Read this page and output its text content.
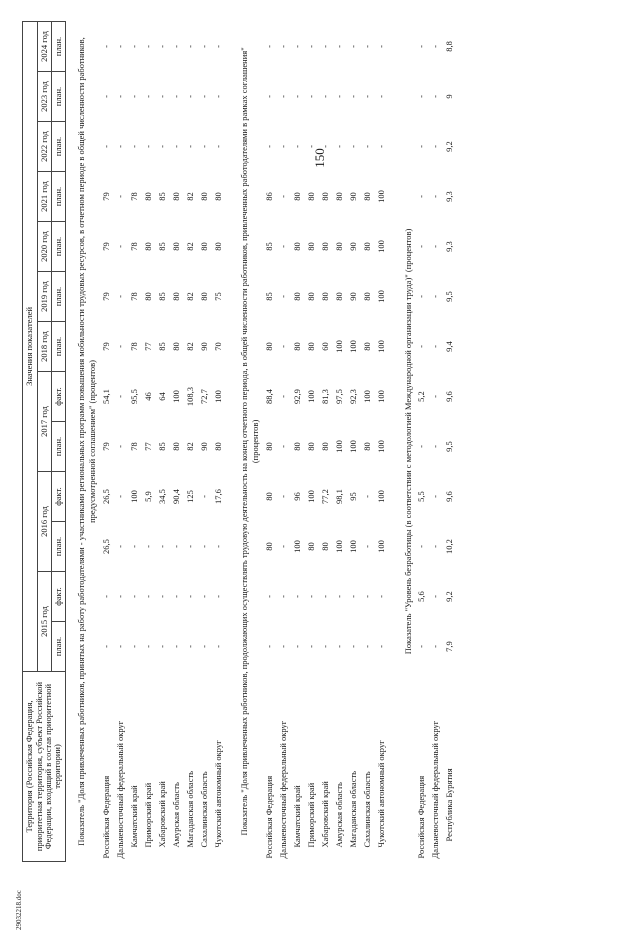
150
29032218.doc
Территория (Российская Федерация, приоритетная территория, субъект Российской Федерации, входящий в состав приоритетной территории)	Значения показателей												
	2015 год		2016 год		2017 год		2018 год	2019 год	2020 год	2021 год	2022 год	2023 год	2024 год
	план.	факт.	план.	факт.	план.	факт.	план.	план.	план.	план.	план.	план.	план.
Показатель "Доля привлеченных работников, принятых на работу работодателями - участниками региональных программ повышения мобильности трудовых ресурсов, в отчетном периоде в общей численности работников, предусмотренной соглашением" (процентов)													
Российская Федерация	-	-	26,5	26,5	79	54,1	79	79	79	79	-	-	-
Дальневосточный федеральный округ	-	-	-	-	-	-	-	-	-	-	-	-	-
Камчатский край	-	-	-	100	78	95,5	78	78	78	78	-	-	-
Приморский край	-	-	-	5,9	77	46	77	80	80	80	-	-	-
Хабаровский край	-	-	-	34,5	85	64	85	85	85	85	-	-	-
Амурская область	-	-	-	90,4	80	100	80	80	80	80	-	-	-
Магаданская область	-	-	-	125	82	108,3	82	82	82	82	-	-	-
Сахалинская область	-	-	-	-	90	72,7	90	80	80	80	-	-	-
Чукотский автономный округ	-	-	-	17,6	80	100	70	75	80	80	-	-	-

Показатель "Доля привлеченных работников, продолжающих осуществлять трудовую деятельность на конец отчетного периода, в общей численности работников, привлеченных работодателями в рамках соглашения" (процентов)													
Российская Федерация	-	-	80	80	80	88,4	80	85	85	86	-	-	-
Дальневосточный федеральный округ	-	-	-	-	-	-	-	-	-	-	-	-	-
Камчатский край	-	-	100	96	80	92,9	80	80	80	80	-	-	-
Приморский край	-	-	80	100	80	100	80	80	80	80	-	-	-
Хабаровский край	-	-	80	77,2	80	81,3	60	80	80	80	-	-	-
Амурская область	-	-	100	98,1	100	97,5	100	80	80	80	-	-	-
Магаданская область	-	-	100	95	100	92,3	100	90	90	90	-	-	-
Сахалинская область	-	-	-	-	80	100	80	80	80	80	-	-	-
Чукотский автономный округ	-	-	100	100	100	100	100	100	100	100	-	-	-

Показатель "Уровень безработицы (в соответствии с методологией Международной организации труда)" (процентов)													
Российская Федерация	-	5,6	-	5,5	-	5,2	-	-	-	-	-	-	-
Дальневосточный федеральный округ	-	-	-	-	-	-	-	-	-	-	-	-	-
Республика Бурятия	7,9	9,2	10,2	9,6	9,5	9,6	9,4	9,5	9,3	9,3	9,2	9	8,8
